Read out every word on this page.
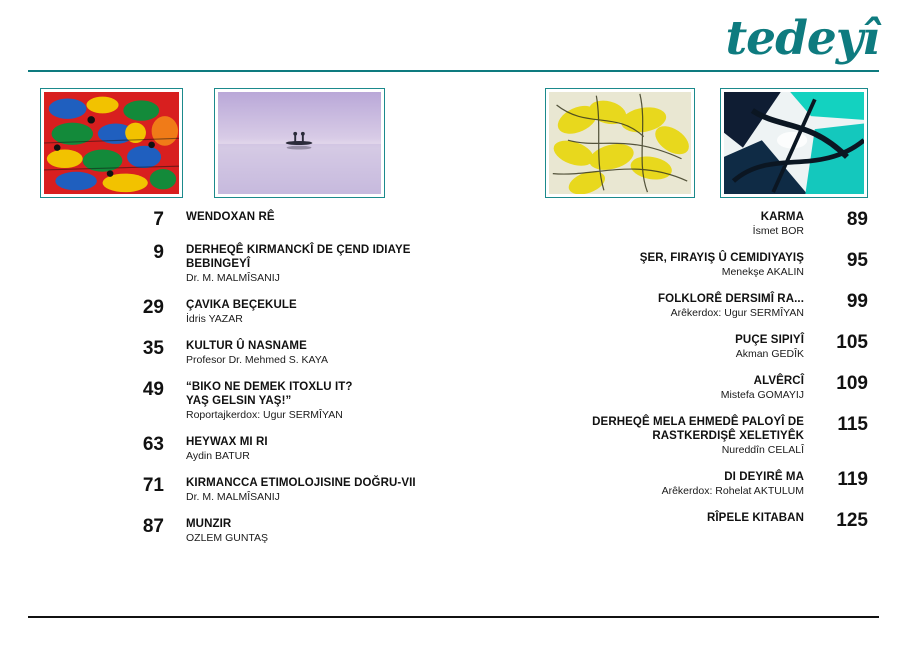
tedeyî
7 WENDOXAN RÊ
9 DERHEQÊ KIRMANCKÎ DE ÇEND IDIAYE
BEBINGEYÎ
Dr. M. MALMÎSANIJ
29 ÇAVIKA BEÇEKULE
İdris YAZAR
35 KULTUR Û NASNAME
Profesor Dr. Mehmed S. KAYA
49 “BIKO NE DEMEK ITOXLU IT?
YAŞ GELSIN YAŞ!”
Roportajkerdox: Ugur SERMÎYAN
63 HEYWAX MI RI
Aydin BATUR
71 KIRMANCCA ETIMOLOJISINE DOĞRU-VII
Dr. M. MALMÎSANIJ
87 MUNZIR
OZLEM GUNTAŞ
KARMA
İsmet BOR
89
ŞER, FIRAYIŞ Û CEMIDIYAYIŞ
Menekşe AKALIN
95
FOLKLORÊ DERSIMÎ RA...
Arêkerdox: Ugur SERMÎYAN
99
PUÇE SIPIYÎ
Akman GEDÎK
105
ALVÊRCÎ
Mistefa GOMAYIJ
109
DERHEQÊ MELA EHMEDÊ PALOYÎ DE
RASTKERDIŞÊ XELETIYÊK
Nureddîn CELALÎ
115
DI DEYIRÊ MA
Arêkerdox: Rohelat AKTULUM
119
RÎPELE KITABAN	125
